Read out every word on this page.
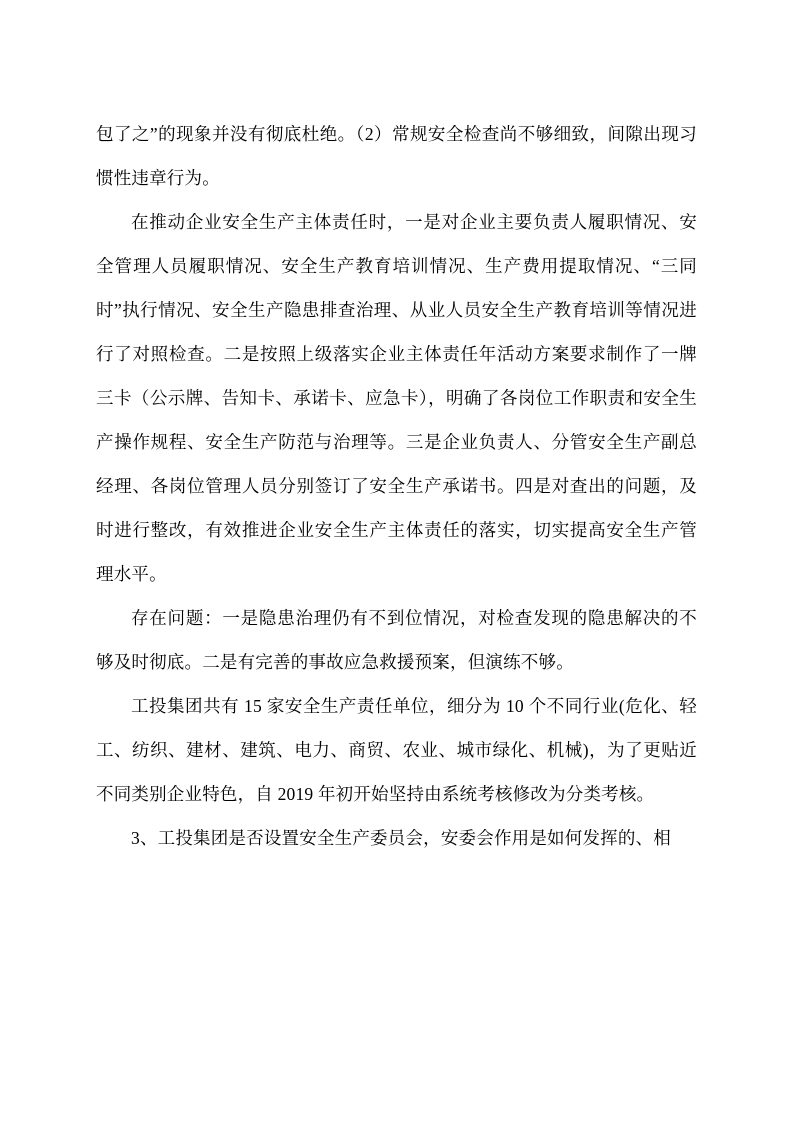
包了之”的现象并没有彻底杜绝。（2）常规安全检查尚不够细致，间隙出现习惯性违章行为。

在推动企业安全生产主体责任时，一是对企业主要负责人履职情况、安全管理人员履职情况、安全生产教育培训情况、生产费用提取情况、“三同时”执行情况、安全生产隐患排查治理、从业人员安全生产教育培训等情况进行了对照检查。二是按照上级落实企业主体责任年活动方案要求制作了一牌三卡（公示牌、告知卡、承诺卡、应急卡），明确了各岗位工作职责和安全生产操作规程、安全生产防范与治理等。三是企业负责人、分管安全生产副总经理、各岗位管理人员分别签订了安全生产承诺书。四是对查出的问题，及时进行整改，有效推进企业安全生产主体责任的落实，切实提高安全生产管理水平。

存在问题：一是隐患治理仍有不到位情况，对检查发现的隐患解决的不够及时彻底。二是有完善的事故应急救援预案，但演练不够。

工投集团共有 15 家安全生产责任单位，细分为 10 个不同行业(危化、轻工、纺织、建材、建筑、电力、商贸、农业、城市绿化、机械)，为了更贴近不同类别企业特色，自 2019 年初开始坚持由系统考核修改为分类考核。

3、工投集团是否设置安全生产委员会，安委会作用是如何发挥的、相
